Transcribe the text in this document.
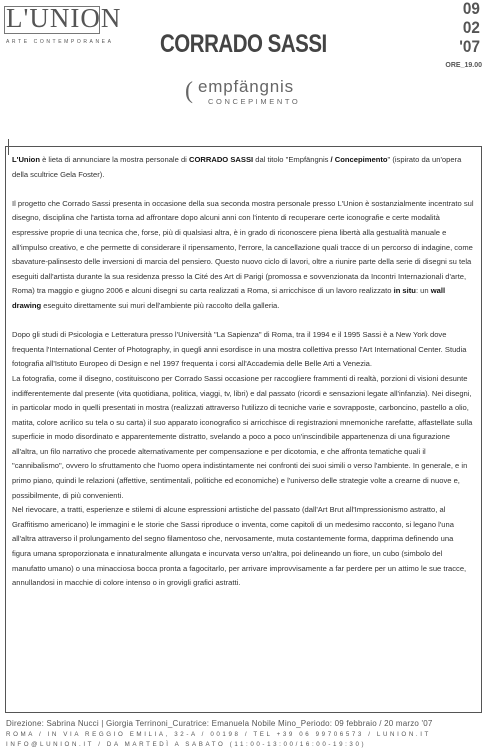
L'UNION
ARTE CONTEMPORANEA CORRADO SASSI
09
02
'07
ORE_19.00
( empfängnis
CONCEPIMENTO

L'Union è lieta di annunciare la mostra personale di CORRADO SASSI dal titolo "Empfängnis / Concepimento" (ispirato da un'opera della scultrice Gela Foster).

Il progetto che Corrado Sassi presenta in occasione della sua seconda mostra personale presso L'Union è sostanzialmente incentrato sul disegno, disciplina che l'artista torna ad affrontare dopo alcuni anni con l'intento di recuperare certe iconografie e certe modalità espressive proprie di una tecnica che, forse, più di qualsiasi altra, è in grado di riconoscere piena libertà alla gestualità manuale e all'impulso creativo, e che permette di considerare il ripensamento, l'errore, la cancellazione quali tracce di un percorso di indagine, come sbavature-palinsesto delle inversioni di marcia del pensiero. Questo nuovo ciclo di lavori, oltre a riunire parte della serie di disegni su tela eseguiti dall'artista durante la sua residenza presso la Cité des Art di Parigi (promossa e sovvenzionata da Incontri Internazionali d'arte, Roma) tra maggio e giugno 2006 e alcuni disegni su carta realizzati a Roma, si arricchisce di un lavoro realizzato in situ: un wall drawing eseguito direttamente sui muri dell'ambiente più raccolto della galleria.

Dopo gli studi di Psicologia e Letteratura presso l'Università "La Sapienza" di Roma, tra il 1994 e il 1995 Sassi è a New York dove frequenta l'International Center of Photography, in quegli anni esordisce in una mostra collettiva presso l'Art International Center. Studia fotografia all'Istituto Europeo di Design e nel 1997 frequenta i corsi all'Accademia delle Belle Arti a Venezia.

La fotografia, come il disegno, costituiscono per Corrado Sassi occasione per raccogliere frammenti di realtà, porzioni di visioni desunte indifferentemente dal presente (vita quotidiana, politica, viaggi, tv, libri) e dal passato (ricordi e sensazioni legate all'infanzia). Nei disegni, in particolar modo in quelli presentati in mostra (realizzati attraverso l'utilizzo di tecniche varie e sovrapposte, carboncino, pastello a olio, matita, colore acrilico su tela o su carta) il suo apparato iconografico si arricchisce di registrazioni mnemoniche rarefatte, affastellate sulla superficie in modo disordinato e apparentemente distratto, svelando a poco a poco un'inscindibile appartenenza di una figurazione all'altra, un filo narrativo che procede alternativamente per compensazione e per dicotomia, e che affronta tematiche quali il "cannibalismo", ovvero lo sfruttamento che l'uomo opera indistintamente nei confronti dei suoi simili o verso l'ambiente. In generale, e in primo piano, quindi le relazioni (affettive, sentimentali, politiche ed economiche) e l'universo delle strategie volte a crearne di nuove e, possibilmente, di più convenienti.

Nel rievocare, a tratti, esperienze e stilemi di alcune espressioni artistiche del passato (dall'Art Brut all'Impressionismo astratto, al Graffitismo americano) le immagini e le storie che Sassi riproduce o inventa, come capitoli di un medesimo racconto, si legano l'una all'altra attraverso il prolungamento del segno filamentoso che, nervosamente, muta costantemente forma, dapprima definendo una figura umana sproporzionata e innaturalmente allungata e incurvata verso un'altra, poi delineando un fiore, un cubo (simbolo del manufatto umano) o una minacciosa bocca pronta a fagocitarlo, per arrivare improvvisamente a far perdere per un attimo le sue tracce, annullandosi in macchie di colore intenso o in grovigli grafici astratti.

Direzione: Sabrina Nucci | Giorgia Terrinoni_Curatrice: Emanuela Nobile Mino_Periodo: 09 febbraio / 20 marzo '07
ROMA / IN VIA REGGIO EMILIA, 32-A / 00198 / TEL +39 06 99706573 / LUNION.IT
INFO@LUNION.IT / DA MARTEDÌ A SABATO (11:00-13:00/16:00-19:30)
